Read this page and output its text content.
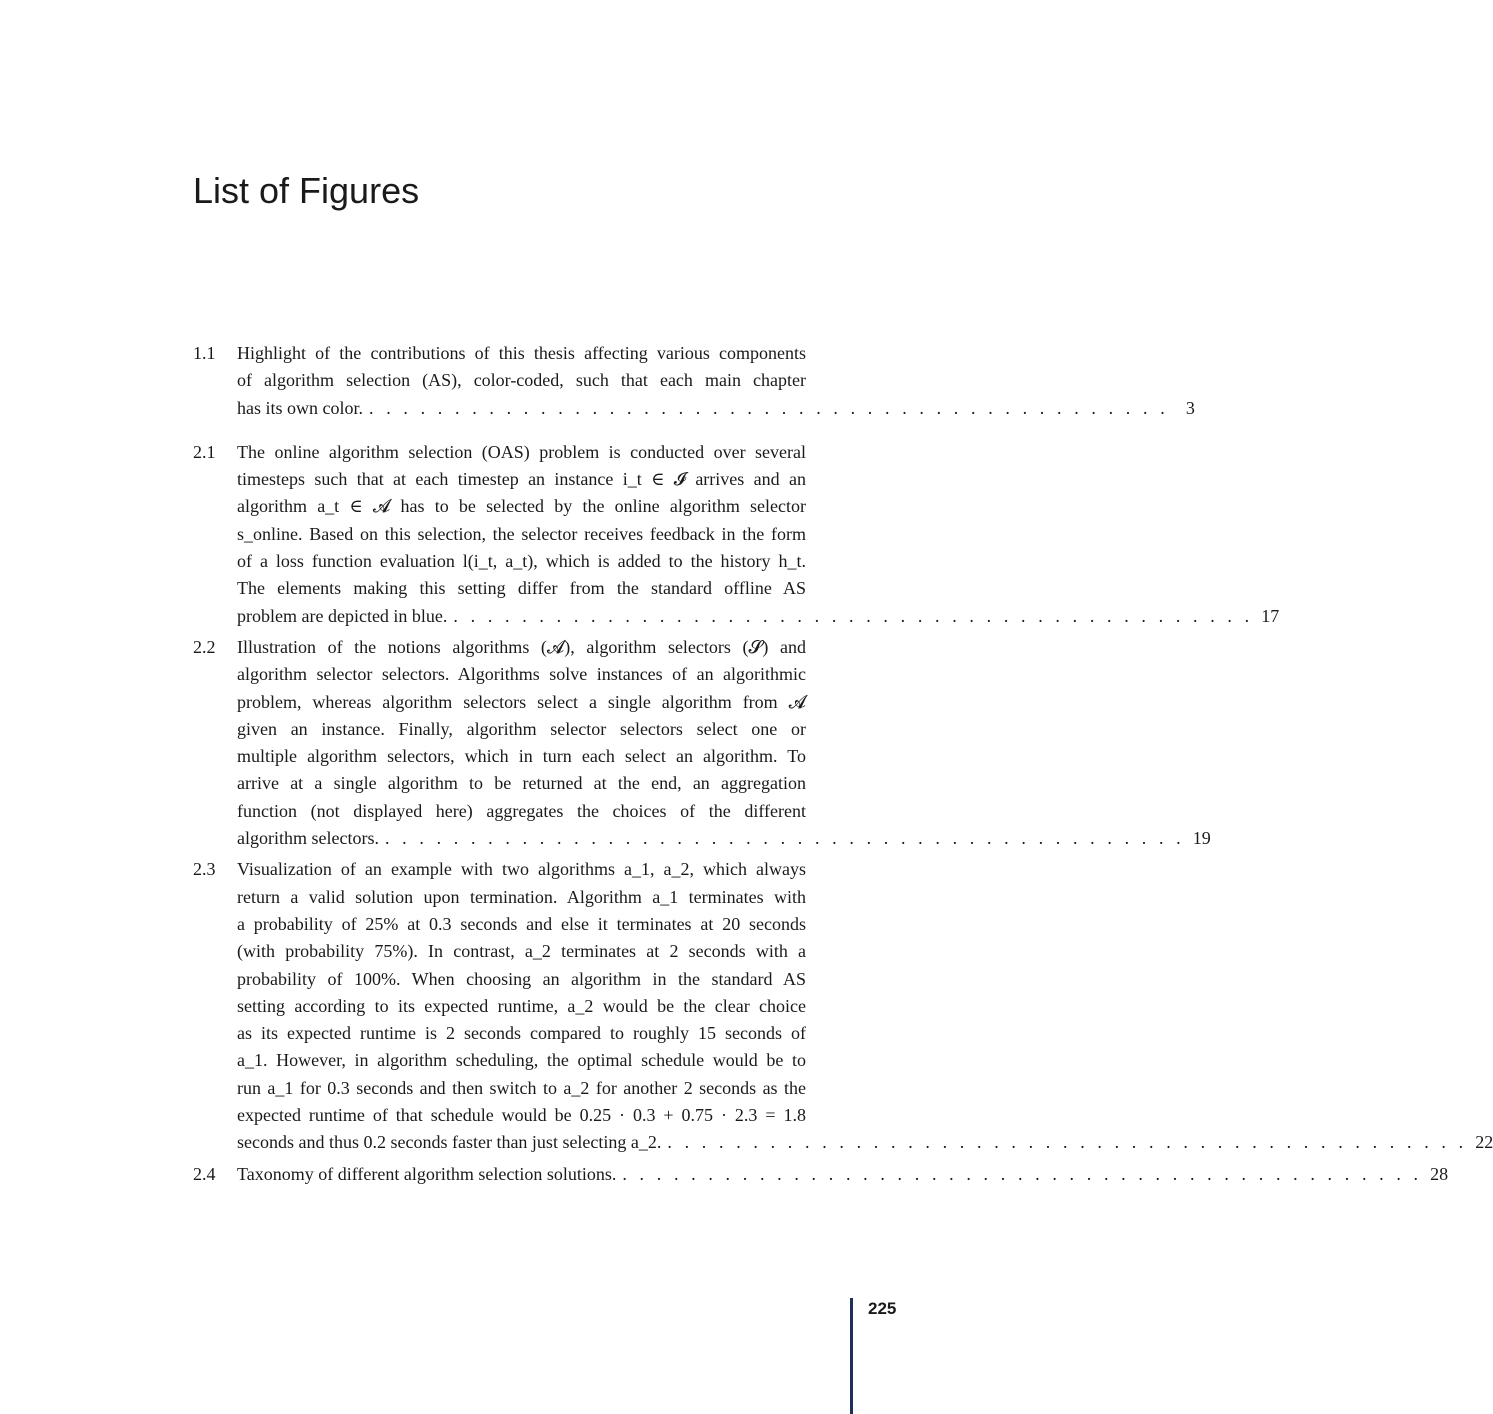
List of Figures
1.1	Highlight of the contributions of this thesis affecting various components
of algorithm selection (AS), color-coded, such that each main chapter
has its own color. . . . . . . . . . . . . . . . . . . . . . . . . . . . . . . . . . . . . . . . . . . . . . . . 3
2.1	The online algorithm selection (OAS) problem is conducted over several
timesteps such that at each timestep an instance i_t ∈ 𝓘 arrives and an
algorithm a_t ∈ 𝓐 has to be selected by the online algorithm selector
s_online. Based on this selection, the selector receives feedback in the form
of a loss function evaluation l(i_t, a_t), which is added to the history h_t.
The elements making this setting differ from the standard offline AS
problem are depicted in blue. . . . . . . . . . . . . . . . . . . . . . . . . . . . . . . . . . . . . . . . . . . . . . . . 17
2.2	Illustration of the notions algorithms (𝓐), algorithm selectors (𝓢) and
algorithm selector selectors. Algorithms solve instances of an algorithmic
problem, whereas algorithm selectors select a single algorithm from 𝓐
given an instance. Finally, algorithm selector selectors select one or
multiple algorithm selectors, which in turn each select an algorithm. To
arrive at a single algorithm to be returned at the end, an aggregation
function (not displayed here) aggregates the choices of the different
algorithm selectors. . . . . . . . . . . . . . . . . . . . . . . . . . . . . . . . . . . . . . . . . . . . . . . . 19
2.3	Visualization of an example with two algorithms a_1, a_2, which always
return a valid solution upon termination. Algorithm a_1 terminates with
a probability of 25% at 0.3 seconds and else it terminates at 20 seconds
(with probability 75%). In contrast, a_2 terminates at 2 seconds with a
probability of 100%. When choosing an algorithm in the standard AS
setting according to its expected runtime, a_2 would be the clear choice
as its expected runtime is 2 seconds compared to roughly 15 seconds of
a_1. However, in algorithm scheduling, the optimal schedule would be to
run a_1 for 0.3 seconds and then switch to a_2 for another 2 seconds as the
expected runtime of that schedule would be 0.25 · 0.3 + 0.75 · 2.3 = 1.8
seconds and thus 0.2 seconds faster than just selecting a_2. . . . . . . . . . . . . . . . . . . . . . . . . . . . . . . . . . . . . . . . . . . . . . . . 22
2.4	Taxonomy of different algorithm selection solutions. . . . . . . . . . . . . . . . . . . . . . . . . . . . . . . . . . . . . . . . . . . . . . . . 28
225
